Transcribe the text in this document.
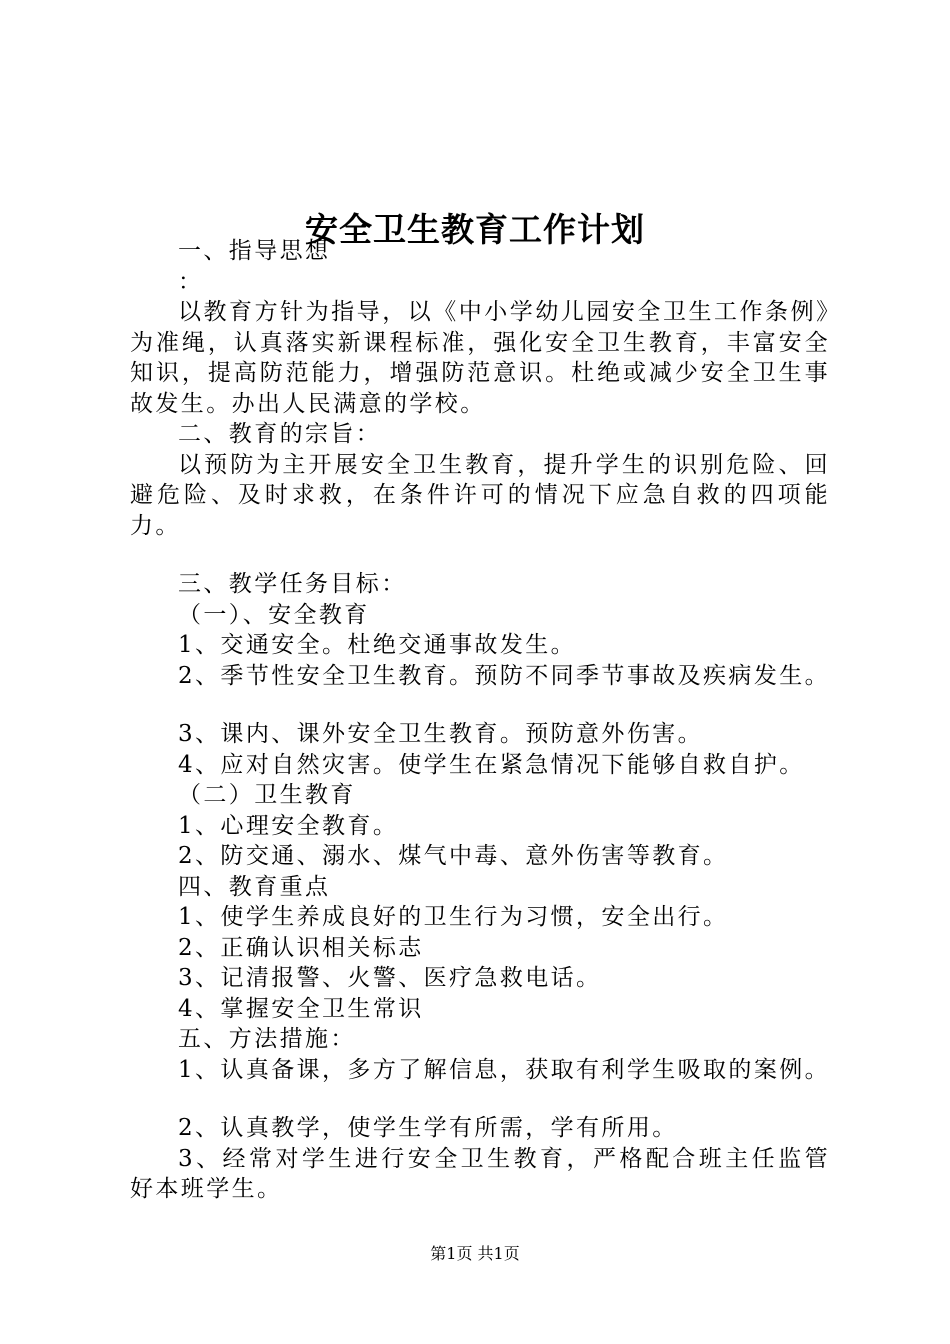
安全卫生教育工作计划

一、指导思想

：

以教育方针为指导，以《中小学幼儿园安全卫生工作条例》为准绳，认真落实新课程标准，强化安全卫生教育，丰富安全知识，提高防范能力，增强防范意识。杜绝或减少安全卫生事故发生。办出人民满意的学校。

二、教育的宗旨：

以预防为主开展安全卫生教育，提升学生的识别危险、回避危险、及时求救，在条件许可的情况下应急自救的四项能力。

三、教学任务目标：

（一）、安全教育

1、交通安全。杜绝交通事故发生。

2、季节性安全卫生教育。预防不同季节事故及疾病发生。

3、课内、课外安全卫生教育。预防意外伤害。

4、应对自然灾害。使学生在紧急情况下能够自救自护。

（二）卫生教育

1、心理安全教育。

2、防交通、溺水、煤气中毒、意外伤害等教育。

四、教育重点

1、使学生养成良好的卫生行为习惯，安全出行。

2、正确认识相关标志

3、记清报警、火警、医疗急救电话。

4、掌握安全卫生常识

五、方法措施：

1、认真备课，多方了解信息，获取有利学生吸取的案例。

2、认真教学，使学生学有所需，学有所用。

3、经常对学生进行安全卫生教育，严格配合班主任监管好本班学生。

第1页 共1页
